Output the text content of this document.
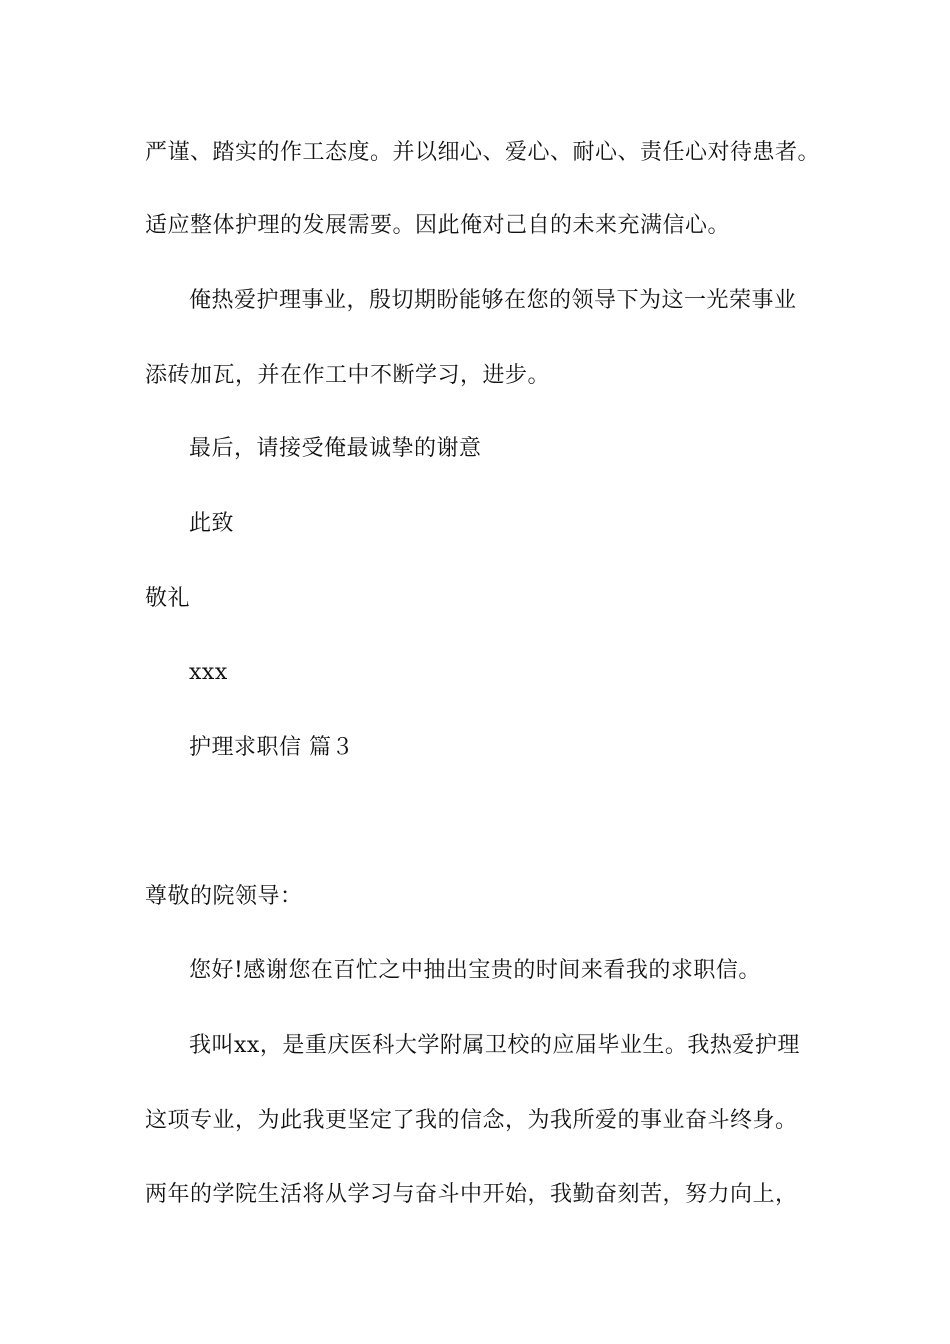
严谨、踏实的作工态度。并以细心、爱心、耐心、责任心对待患者。
适应整体护理的发展需要。因此俺对己自的未来充满信心。
俺热爱护理事业，殷切期盼能够在您的领导下为这一光荣事业
添砖加瓦，并在作工中不断学习，进步。
最后，请接受俺最诚挚的谢意
此致
敬礼
xxx
护理求职信 篇３
尊敬的院领导：
您好!感谢您在百忙之中抽出宝贵的时间来看我的求职信。
我叫xx，是重庆医科大学附属卫校的应届毕业生。我热爱护理
这项专业，为此我更坚定了我的信念，为我所爱的事业奋斗终身。
两年的学院生活将从学习与奋斗中开始，我勤奋刻苦，努力向上，
